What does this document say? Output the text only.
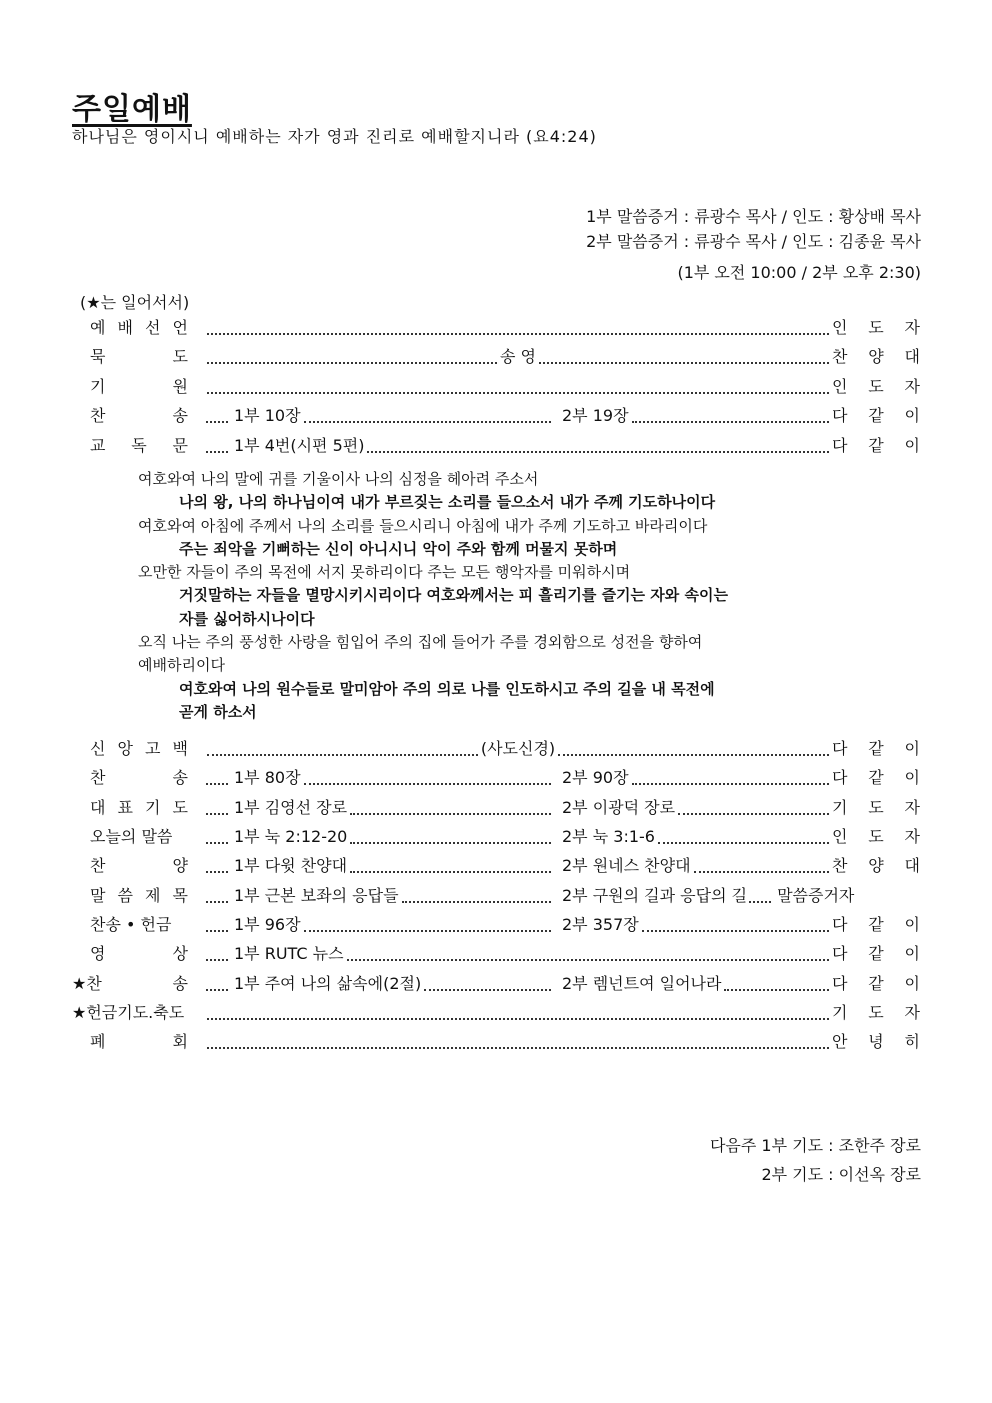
주일예배
하나님은 영이시니 예배하는 자가 영과 진리로 예배할지니라 (요4:24)
1부 말씀증거 : 류광수 목사 / 인도 : 황상배 목사
2부 말씀증거 : 류광수 목사 / 인도 : 김종윤 목사
(1부 오전 10:00 / 2부 오후 2:30)
(★는 일어서서)
예 배 선 언	인 도 자
묵	도	송 영	찬 양 대
기	원	인 도 자
찬	송	1부 10장	2부 19장	다 같 이
교 독 문	1부 4번(시편 5편)	다 같 이
여호와여 나의 말에 귀를 기울이사 나의 심정을 헤아려 주소서
나의 왕, 나의 하나님이여 내가 부르짖는 소리를 들으소서 내가 주께 기도하나이다
여호와여 아침에 주께서 나의 소리를 들으시리니 아침에 내가 주께 기도하고 바라리이다
주는 죄악을 기뻐하는 신이 아니시니 악이 주와 함께 머물지 못하며
오만한 자들이 주의 목전에 서지 못하리이다 주는 모든 행악자를 미워하시며
거짓말하는 자들을 멸망시키시리이다 여호와께서는 피 흘리기를 즐기는 자와 속이는
자를 싫어하시나이다
오직 나는 주의 풍성한 사랑을 힘입어 주의 집에 들어가 주를 경외함으로 성전을 향하여
예배하리이다
여호와여 나의 원수들로 말미암아 주의 의로 나를 인도하시고 주의 길을 내 목전에
곧게 하소서
신 앙 고 백	(사도신경)	다 같 이
찬	송	1부 80장	2부 90장	다 같 이
대 표 기 도	1부 김영선 장로	2부 이광덕 장로	기 도 자
오늘의 말씀	1부 눅 2:12-20	2부 눅 3:1-6	인 도 자
찬	양	1부 다윗 찬양대	2부 원네스 찬양대	찬 양 대
말 씀 제 목	1부 근본 보좌의 응답들	2부 구원의 길과 응답의 길 말씀증거자
찬송 • 헌금	1부 96장	2부 357장	다 같 이
영	상	1부 RUTC 뉴스	다 같 이
★찬	송	1부 주여 나의 삶속에(2절)	2부 렘넌트여 일어나라	다 같 이
★헌금기도.축도	기 도 자
폐	회	안 녕 히
다음주 1부 기도 : 조한주 장로
2부 기도 : 이선옥 장로
